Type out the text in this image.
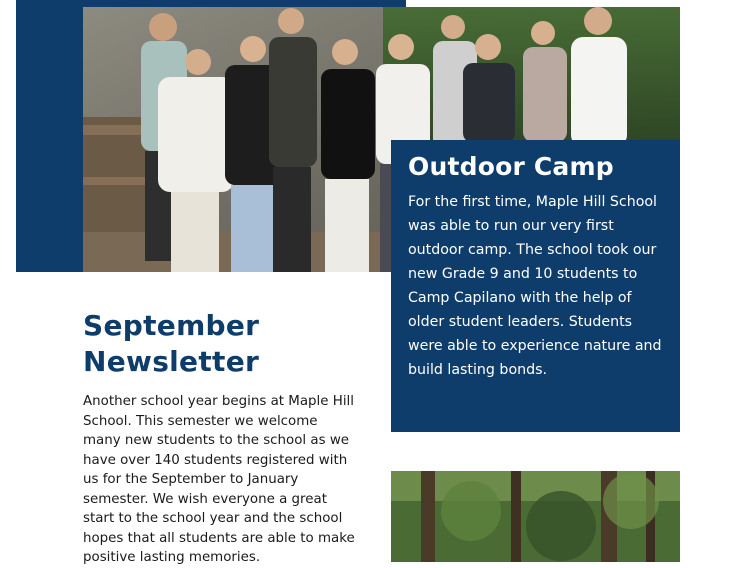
Outdoor Camp

For the first time, Maple Hill School was able to run our very first outdoor camp. The school took our new Grade 9 and 10 students to Camp Capilano with the help of older student leaders. Students were able to experience nature and build lasting bonds.

September Newsletter

Another school year begins at Maple Hill School. This semester we welcome many new students to the school as we have over 140 students registered with us for the September to January semester. We wish everyone a great start to the school year and the school hopes that all students are able to make positive lasting memories.
